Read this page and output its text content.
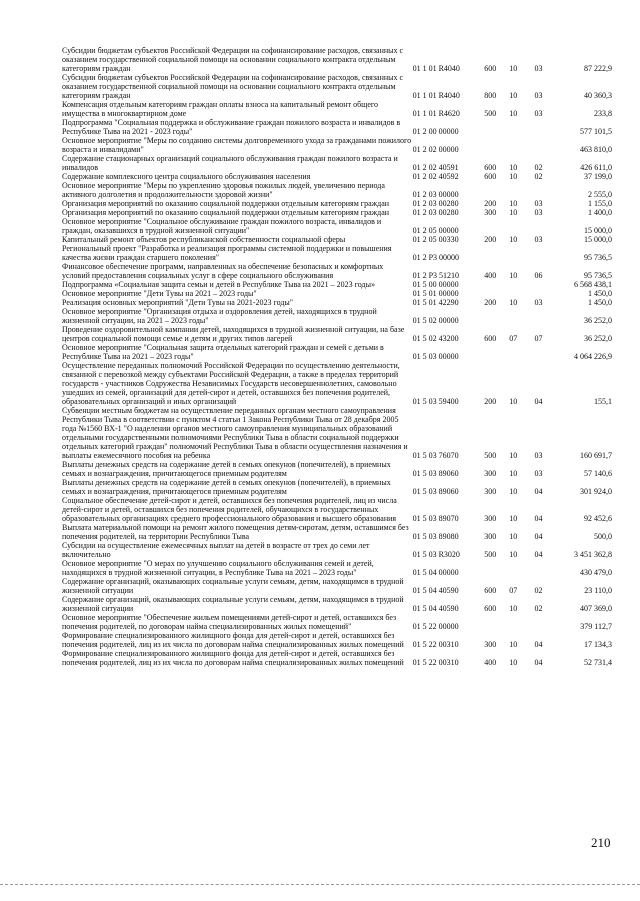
Субсидии бюджетам субъектов Российской Федерации на софинансирование расходов, связанных с оказанием государственной социальной помощи на основании социального контракта отдельным категориям граждан	01 1 01 R4040	600	10	03	87 222,9
Субсидии бюджетам субъектов Российской Федерации на софинансирование расходов, связанных с оказанием государственной социальной помощи на основании социального контракта отдельным категориям граждан	01 1 01 R4040	800	10	03	40 360,3
Компенсация отдельным категориям граждан оплаты взноса на капитальный ремонт общего имущества в многоквартирном доме	01 1 01 R4620	500	10	03	233,8
Подпрограмма "Социальная поддержка и обслуживание граждан пожилого возраста и инвалидов в Республике Тыва на 2021 - 2023 годы"	01 2 00 00000				577 101,5
Основное мероприятие "Меры по созданию системы долговременного ухода за гражданами пожилого возраста и инвалидами"	01 2 02 00000				463 810,0
Содержание стационарных организаций социального обслуживания граждан пожилого возраста и инвалидов	01 2 02 40591	600	10	02	426 611,0
Содержание комплексного центра социального обслуживания населения	01 2 02 40592	600	10	02	37 199,0
Основное мероприятие "Меры по укреплению здоровья пожилых людей, увеличению периода активного долголетия и продолжительности здоровой жизни"	01 2 03 00000				2 555,0
Организация мероприятий по оказанию социальной поддержки отдельным категориям граждан	01 2 03 00280	200	10	03	1 155,0
Организация мероприятий по оказанию социальной поддержки отдельным категориям граждан	01 2 03 00280	300	10	03	1 400,0
Основное мероприятие "Социальное обслуживание граждан пожилого возраста, инвалидов и граждан, оказавшихся в трудной жизненной ситуации"	01 2 05 00000				15 000,0
Капитальный ремонт объектов республиканской собственности социальной сферы	01 2 05 00330	200	10	03	15 000,0
Региональный проект "Разработка и реализация программы системной поддержки и повышения качества жизни граждан старшего поколения"	01 2 P3 00000				95 736,5
Финансовое обеспечение программ, направленных на обеспечение безопасных и комфортных условий предоставления социальных услуг в сфере социального обслуживания	01 2 P3 51210	400	10	06	95 736,5
Подпрограмма «Социальная защита семьи и детей в Республике Тыва на 2021 – 2023 годы»	01 5 00 00000				6 568 438,1
Основное мероприятие "Дети Тувы на 2021 – 2023 годы"	01 5 01 00000				1 450,0
Реализация основных мероприятий "Дети Тувы на 2021-2023 годы"	01 5 01 42290	200	10	03	1 450,0
Основное мероприятие "Организация отдыха и оздоровления детей, находящихся в трудной жизненной ситуации, на 2021 – 2023 годы"	01 5 02 00000				36 252,0
Проведение оздоровительной кампании детей, находящихся в трудной жизненной ситуации, на базе центров социальной помощи семье и детям и других типов лагерей	01 5 02 43200	600	07	07	36 252,0
Основное мероприятие "Социальная защита отдельных категорий граждан и семей с детьми в Республике Тыва на 2021 – 2023 годы"	01 5 03 00000				4 064 226,9
Осуществление переданных полномочий Российской Федерации по осуществлению деятельности, связанной с перевозкой между субъектами Российской Федерации, а также в пределах территорий государств - участников Содружества Независимых Государств несовершеннолетних, самовольно ушедших из семей, организаций для детей-сирот и детей, оставшихся без попечения родителей, образовательных организаций и иных организаций	01 5 03 59400	200	10	04	155,1
Субвенции местным бюджетам на осуществление переданных органам местного самоуправления Республики Тыва в соответствии с пунктом 4 статьи 1 Закона Республики Тыва от 28 декабря 2005 года №1560 ВХ-1 "О наделении органов местного самоуправления муниципальных образований отдельными государственными полномочиями Республики Тыва в области социальной поддержки отдельных категорий граждан" полномочий Республики Тыва в области осуществления назначения и выплаты ежемесячного пособия на ребенка	01 5 03 76070	500	10	03	160 691,7
Выплаты денежных средств на содержание детей в семьях опекунов (попечителей), в приемных семьях и вознаграждения, причитающегося приемным родителям	01 5 03 89060	300	10	03	57 140,6
Выплаты денежных средств на содержание детей в семьях опекунов (попечителей), в приемных семьях и вознаграждения, причитающегося приемным родителям	01 5 03 89060	300	10	04	301 924,0
Социальное обеспечение детей-сирот и детей, оставшихся без попечения родителей, лиц из числа детей-сирот и детей, оставшихся без попечения родителей, обучающихся в государственных образовательных организациях среднего профессионального образования и высшего образования	01 5 03 89070	300	10	04	92 452,6
Выплата материальной помощи на ремонт жилого помещения детям-сиротам, детям, оставшимся без попечения родителей, на территории Республики Тыва	01 5 03 89080	300	10	04	500,0
Субсидии на осуществление ежемесячных выплат на детей в возрасте от трех до семи лет включительно	01 5 03 R3020	500	10	04	3 451 362,8
Основное мероприятие "О мерах по улучшению социального обслуживания семей и детей, находящихся в трудной жизненной ситуации, в Республике Тыва на 2021 – 2023 годы"	01 5 04 00000				430 479,0
Содержание организаций, оказывающих социальные услуги семьям, детям, находящимся в трудной жизненной ситуации	01 5 04 40590	600	07	02	23 110,0
Содержание организаций, оказывающих социальные услуги семьям, детям, находящимся в трудной жизненной ситуации	01 5 04 40590	600	10	02	407 369,0
Основное мероприятие "Обеспечение жильем помещениями детей-сирот и детей, оставшихся без попечения родителей, по договорам найма специализированных жилых помещений"	01 5 22 00000				379 112,7
Формирование специализированного жилищного фонда для детей-сирот и детей, оставшихся без попечения родителей, лиц из их числа по договорам найма специализированных жилых помещений	01 5 22 00310	300	10	04	17 134,3
Формирование специализированного жилищного фонда для детей-сирот и детей, оставшихся без попечения родителей, лиц из их числа по договорам найма специализированных жилых помещений	01 5 22 00310	400	10	04	52 731,4
210
